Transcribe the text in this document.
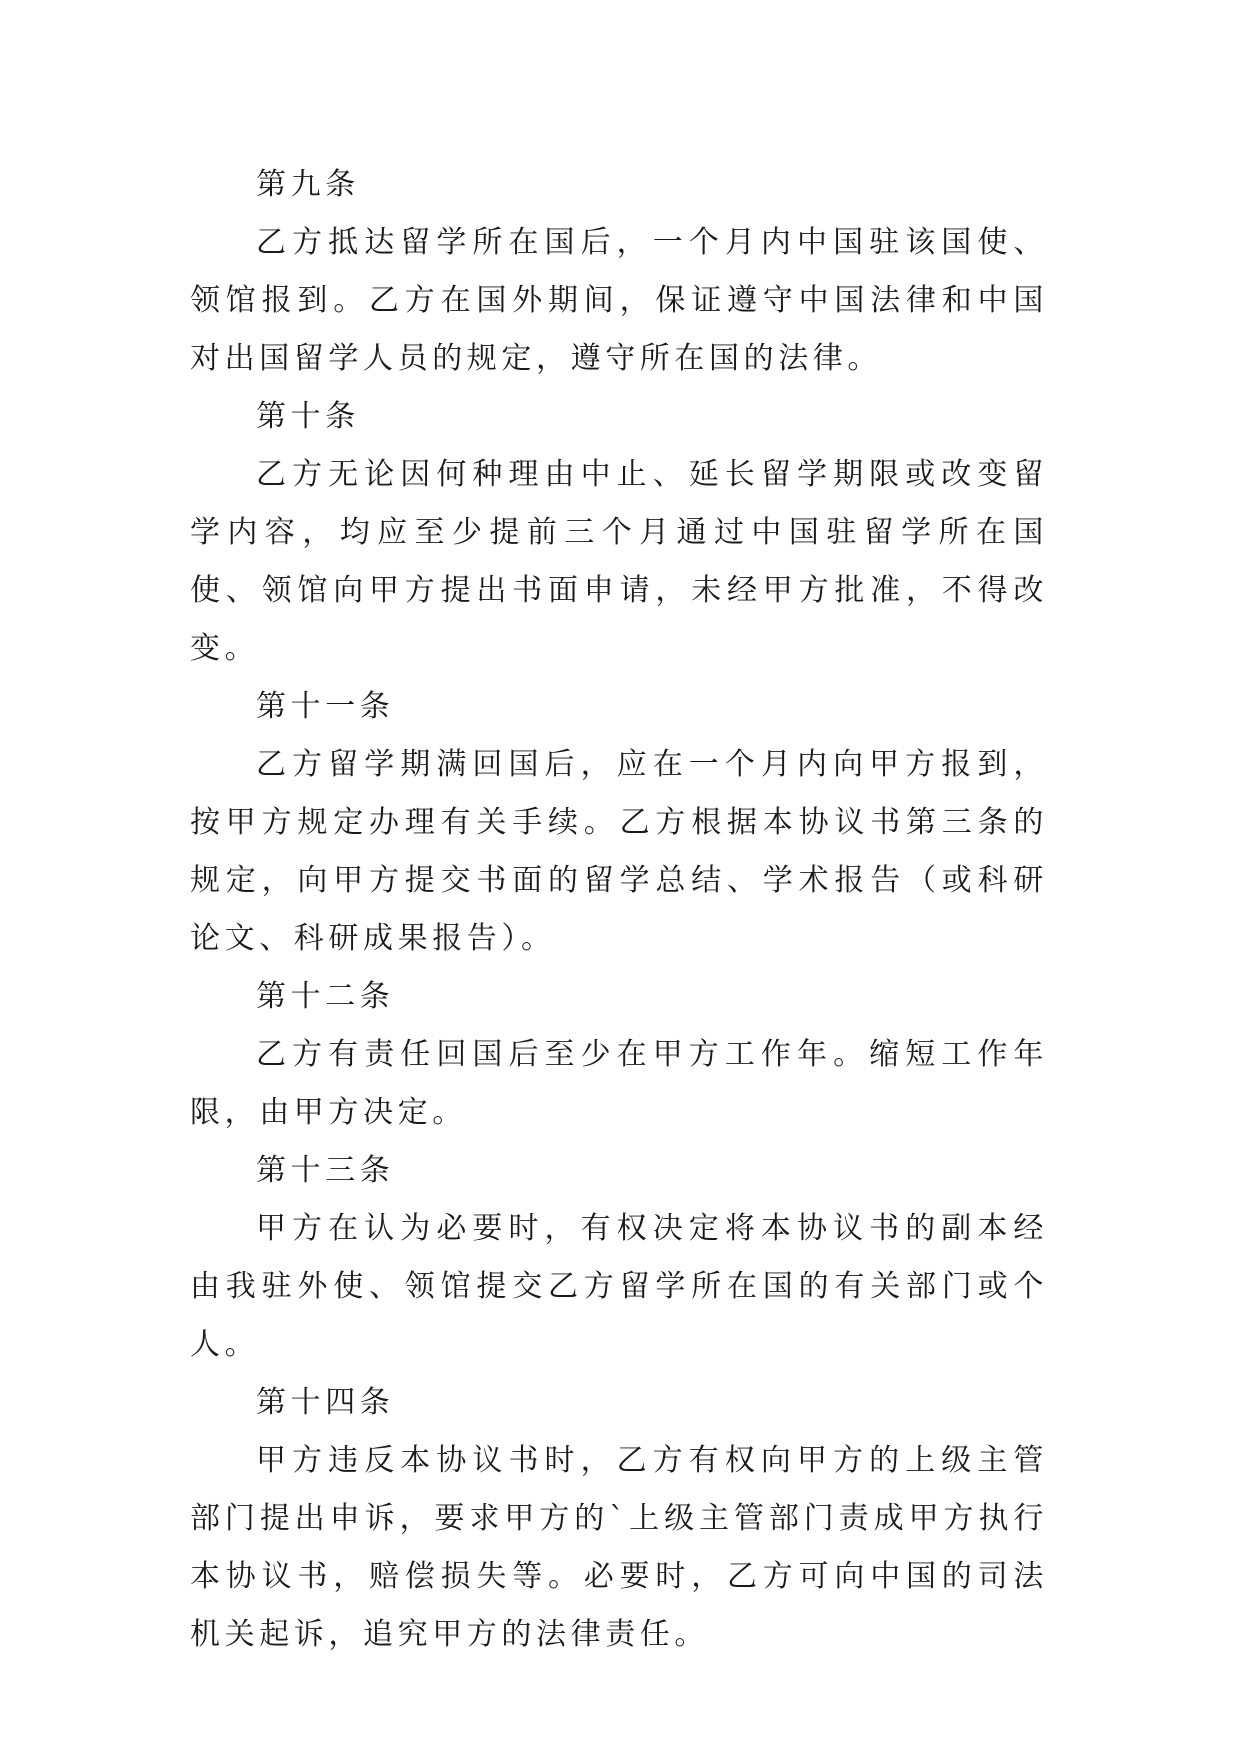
第九条

乙方抵达留学所在国后，一个月内中国驻该国使、领馆报到。乙方在国外期间，保证遵守中国法律和中国对出国留学人员的规定，遵守所在国的法律。

第十条

乙方无论因何种理由中止、延长留学期限或改变留学内容，均应至少提前三个月通过中国驻留学所在国使、领馆向甲方提出书面申请，未经甲方批准，不得改变。

第十一条

乙方留学期满回国后，应在一个月内向甲方报到，按甲方规定办理有关手续。乙方根据本协议书第三条的规定，向甲方提交书面的留学总结、学术报告（或科研论文、科研成果报告）。

第十二条

乙方有责任回国后至少在甲方工作年。缩短工作年限，由甲方决定。

第十三条

甲方在认为必要时，有权决定将本协议书的副本经由我驻外使、领馆提交乙方留学所在国的有关部门或个人。

第十四条

甲方违反本协议书时，乙方有权向甲方的上级主管部门提出申诉，要求甲方的`上级主管部门责成甲方执行本协议书，赔偿损失等。必要时，乙方可向中国的司法机关起诉，追究甲方的法律责任。
